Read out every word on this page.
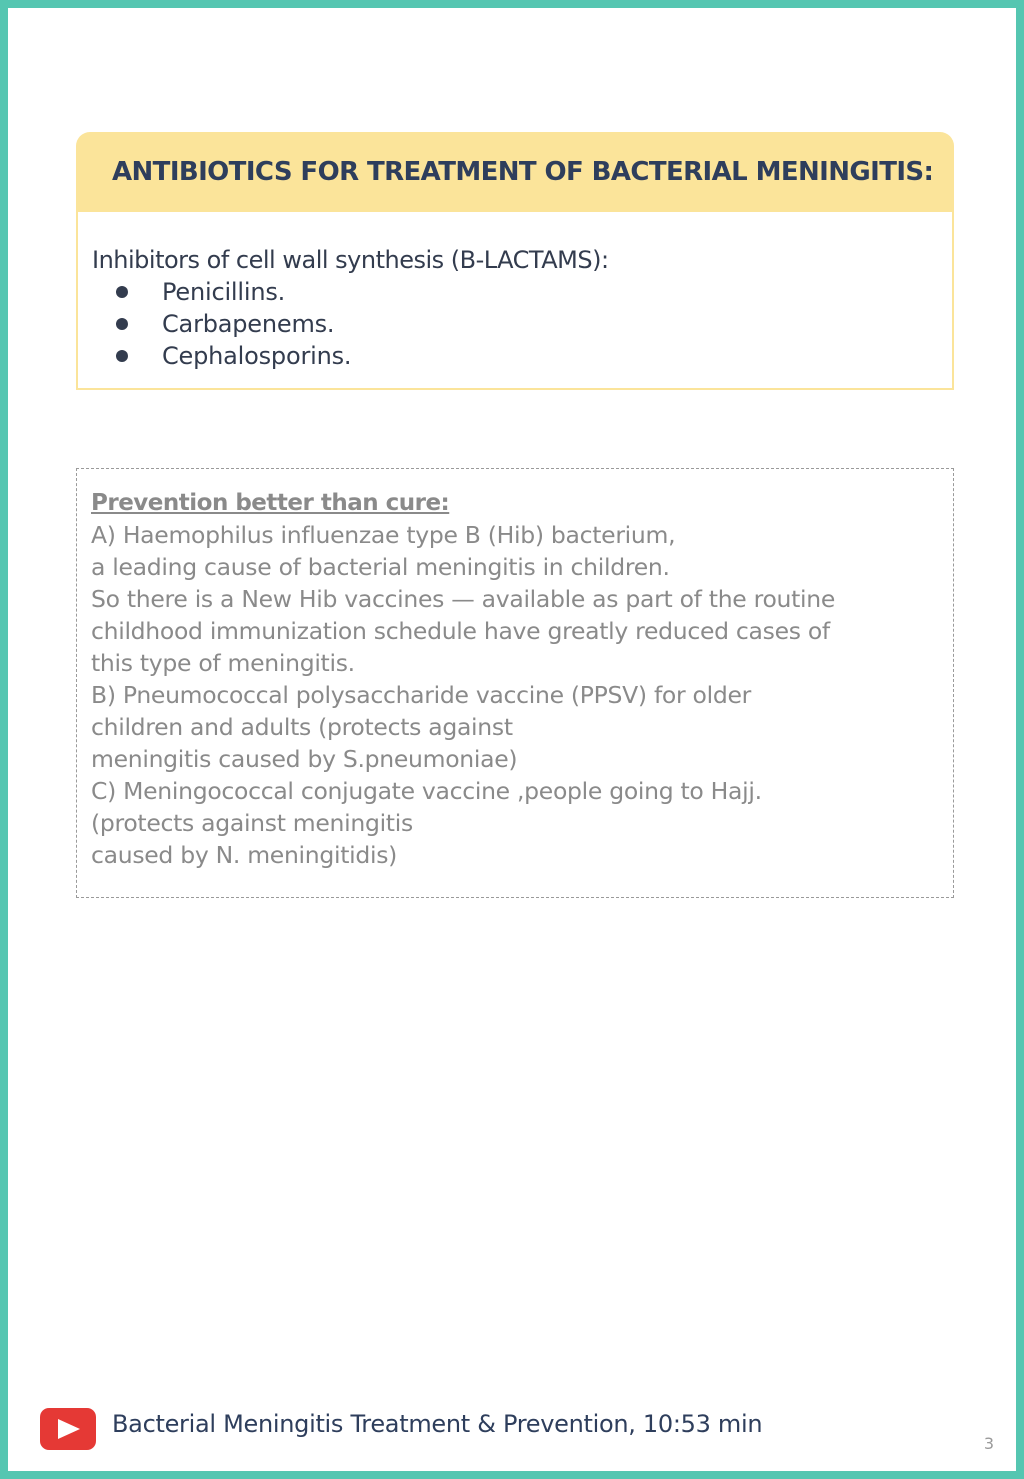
ANTIBIOTICS FOR TREATMENT OF BACTERIAL MENINGITIS:
Inhibitors of cell wall synthesis (B-LACTAMS):
Penicillins.
Carbapenems.
Cephalosporins.
Prevention better than cure:
A) Haemophilus influenzae type B (Hib) bacterium,
a leading cause of bacterial meningitis in children.
So there is a New Hib vaccines — available as part of the routine
childhood immunization schedule have greatly reduced cases of
this type of meningitis.
B) Pneumococcal polysaccharide vaccine (PPSV) for older
children and adults (protects against
meningitis caused by S.pneumoniae)
C) Meningococcal conjugate vaccine ,people going to Hajj.
(protects against meningitis
caused by N. meningitidis)
Bacterial Meningitis Treatment & Prevention, 10:53 min
3
